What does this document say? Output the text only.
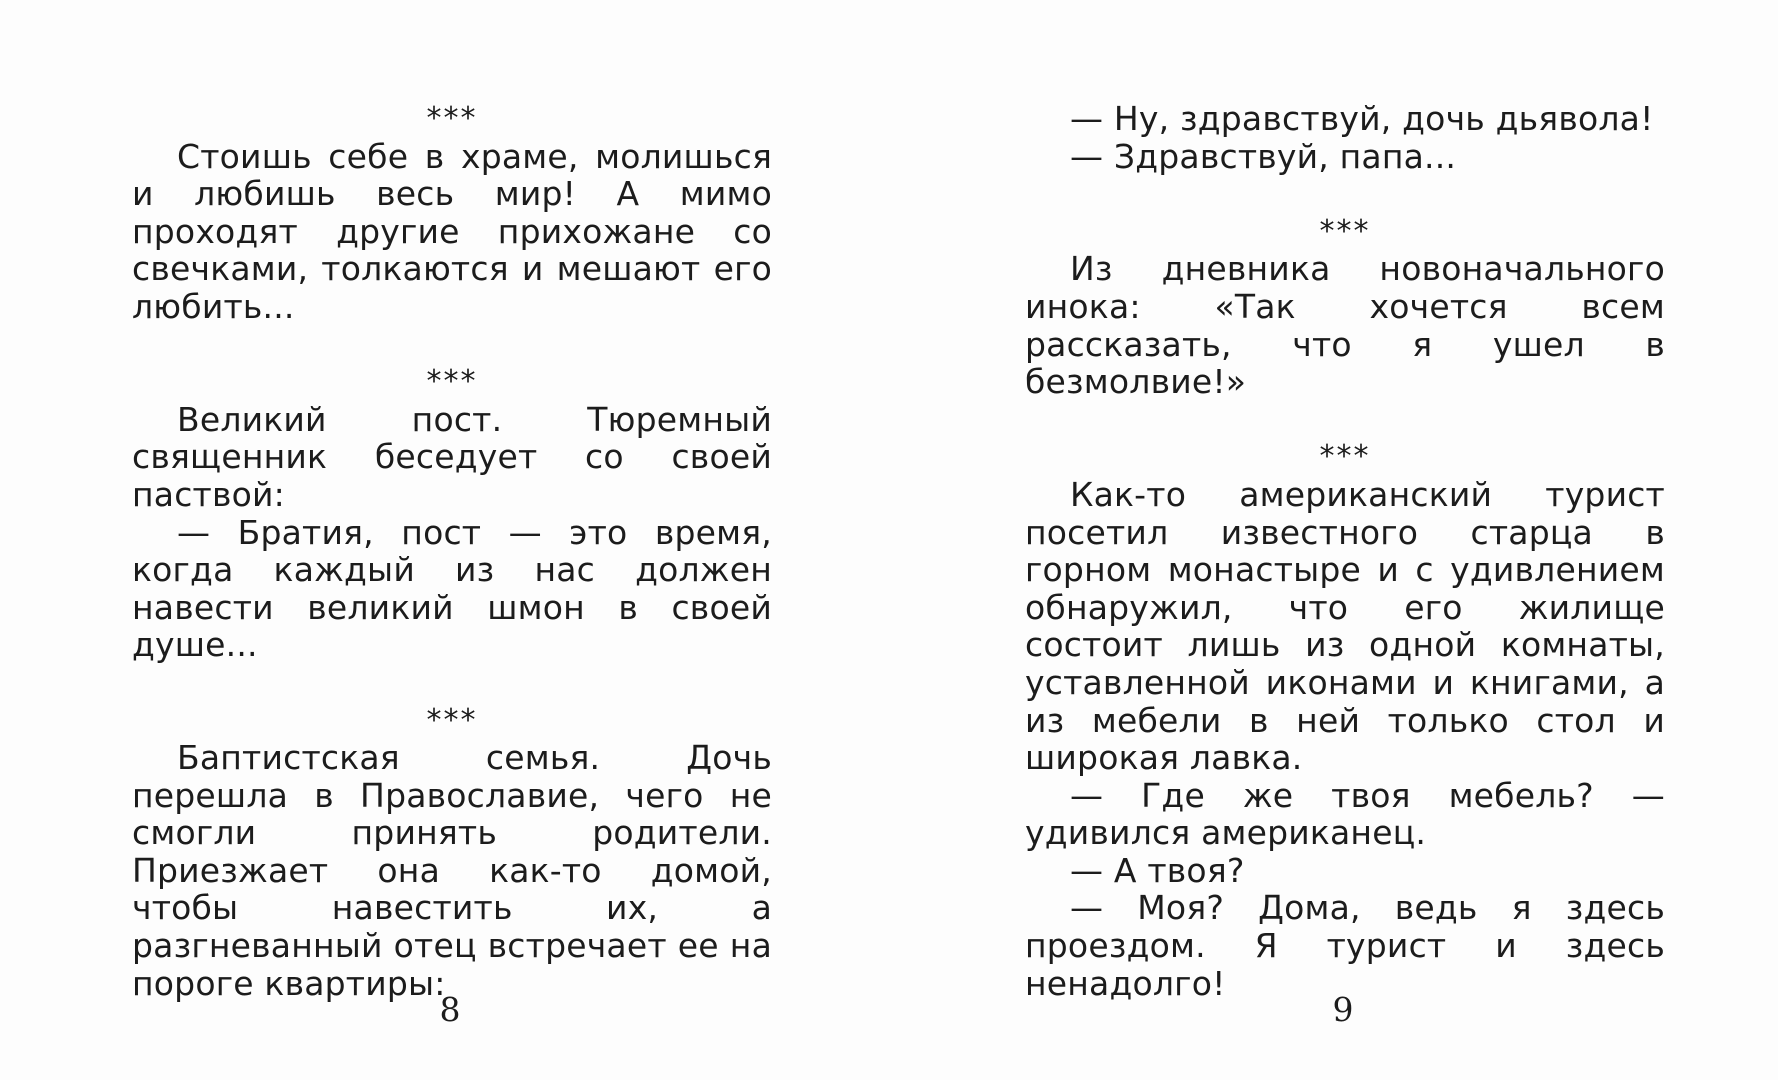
***

Стоишь себе в храме, молишься и любишь весь мир! А мимо проходят другие прихожане со свечками, толкаются и мешают его любить...

***

Великий пост. Тюремный священник беседует со своей паствой:

— Братия, пост — это время, когда каждый из нас должен навести великий шмон в своей душе...

***

Баптистская семья. Дочь перешла в Православие, чего не смогли принять родители. Приезжает она как-то домой, чтобы навестить их, а разгневанный отец встречает ее на пороге квартиры:

8

— Ну, здравствуй, дочь дьявола!

— Здравствуй, папа...

***

Из дневника новоначального инока: «Так хочется всем рассказать, что я ушел в безмолвие!»

***

Как-то американский турист посетил известного старца в горном монастыре и с удивлением обнаружил, что его жилище состоит лишь из одной комнаты, уставленной иконами и книгами, а из мебели в ней только стол и широкая лавка.

— Где же твоя мебель? — удивился американец.

— А твоя?

— Моя? Дома, ведь я здесь проездом. Я турист и здесь ненадолго!

9
